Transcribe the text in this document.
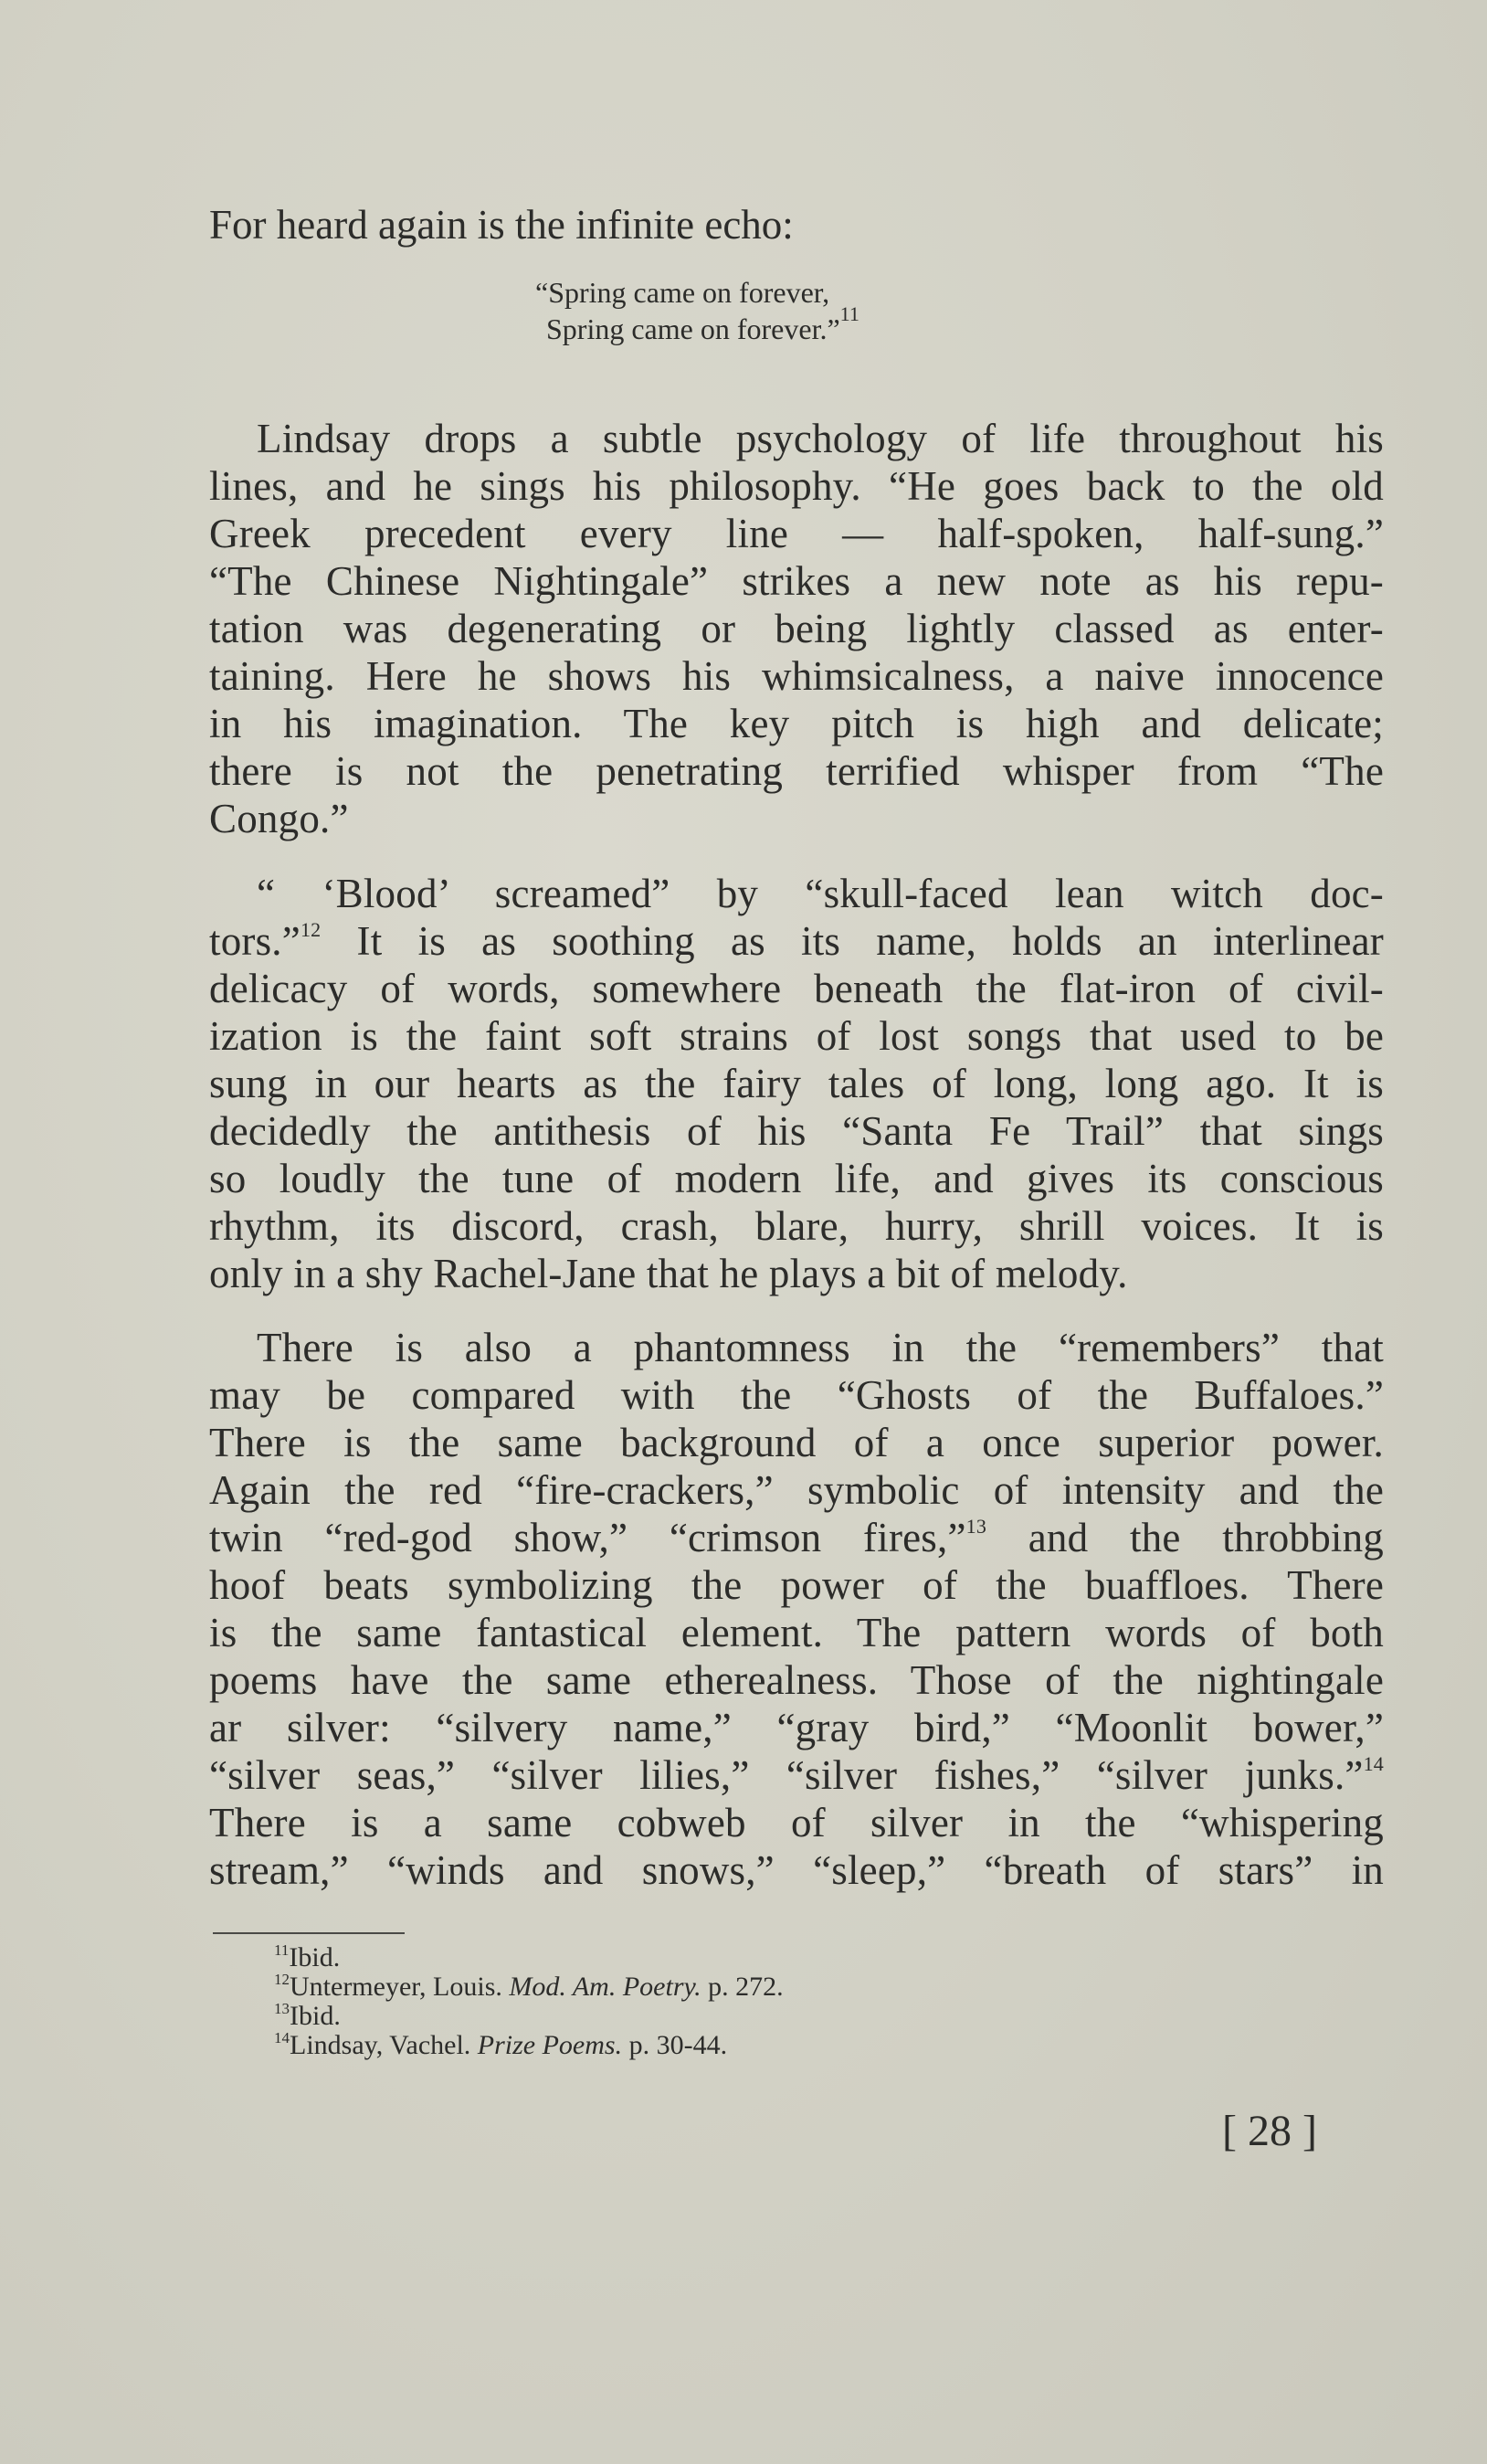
For heard again is the infinite echo:
“Spring came on forever,
Spring came on forever.”$^{11}$
Lindsay drops a subtle psychology of life throughout his
lines, and he sings his philosophy. “He goes back to the old
Greek precedent every line — half-spoken, half-sung.”
“The Chinese Nightingale” strikes a new note as his repu-
tation was degenerating or being lightly classed as enter-
taining. Here he shows his whimsicalness, a naive innocence
in his imagination. The key pitch is high and delicate;
there is not the penetrating terrified whisper from “The
Congo.”
“ ‘Blood’ screamed” by “skull-faced lean witch doc-
tors.”$^{12}$ It is as soothing as its name, holds an interlinear
delicacy of words, somewhere beneath the flat-iron of civil-
ization is the faint soft strains of lost songs that used to be
sung in our hearts as the fairy tales of long, long ago. It is
decidedly the antithesis of his “Santa Fe Trail” that sings
so loudly the tune of modern life, and gives its conscious
rhythm, its discord, crash, blare, hurry, shrill voices. It is
only in a shy Rachel-Jane that he plays a bit of melody.
There is also a phantomness in the “remembers” that
may be compared with the “Ghosts of the Buffaloes.”
There is the same background of a once superior power.
Again the red “fire-crackers,” symbolic of intensity and the
twin “red-god show,” “crimson fires,”$^{13}$ and the throbbing
hoof beats symbolizing the power of the buaffloes. There
is the same fantastical element. The pattern words of both
poems have the same etherealness. Those of the nightingale
ar silver: “silvery name,” “gray bird,” “Moonlit bower,”
“silver seas,” “silver lilies,” “silver fishes,” “silver junks.”$^{14}$
There is a same cobweb of silver in the “whispering
stream,” “winds and snows,” “sleep,” “breath of stars” in
$^{11}$Ibid.
$^{12}$Untermeyer, Louis. Mod. Am. Poetry. p. 272.
$^{13}$Ibid.
$^{14}$Lindsay, Vachel. Prize Poems. p. 30-44.
[ 28 ]
